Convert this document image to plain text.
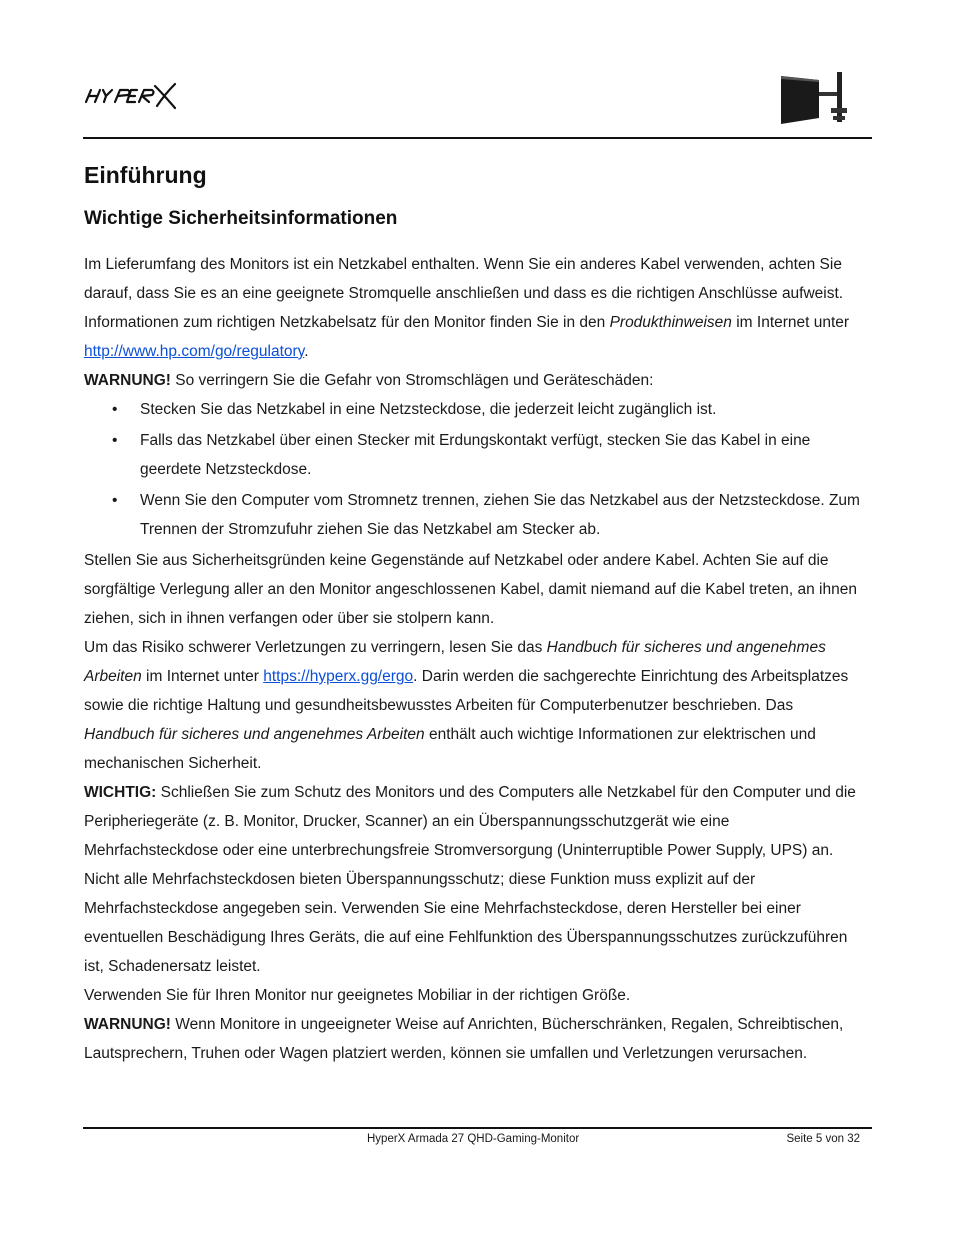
Einführung
Wichtige Sicherheitsinformationen

Im Lieferumfang des Monitors ist ein Netzkabel enthalten. Wenn Sie ein anderes Kabel verwenden, achten Sie darauf, dass Sie es an eine geeignete Stromquelle anschließen und dass es die richtigen Anschlüsse aufweist. Informationen zum richtigen Netzkabelsatz für den Monitor finden Sie in den Produkthinweisen im Internet unter http://www.hp.com/go/regulatory.

WARNUNG! So verringern Sie die Gefahr von Stromschlägen und Geräteschäden:

• Stecken Sie das Netzkabel in eine Netzsteckdose, die jederzeit leicht zugänglich ist.
• Falls das Netzkabel über einen Stecker mit Erdungskontakt verfügt, stecken Sie das Kabel in eine geerdete Netzsteckdose.
• Wenn Sie den Computer vom Stromnetz trennen, ziehen Sie das Netzkabel aus der Netzsteckdose. Zum Trennen der Stromzufuhr ziehen Sie das Netzkabel am Stecker ab.

Stellen Sie aus Sicherheitsgründen keine Gegenstände auf Netzkabel oder andere Kabel. Achten Sie auf die sorgfältige Verlegung aller an den Monitor angeschlossenen Kabel, damit niemand auf die Kabel treten, an ihnen ziehen, sich in ihnen verfangen oder über sie stolpern kann.

Um das Risiko schwerer Verletzungen zu verringern, lesen Sie das Handbuch für sicheres und angenehmes Arbeiten im Internet unter https://hyperx.gg/ergo. Darin werden die sachgerechte Einrichtung des Arbeitsplatzes sowie die richtige Haltung und gesundheitsbewusstes Arbeiten für Computerbenutzer beschrieben. Das Handbuch für sicheres und angenehmes Arbeiten enthält auch wichtige Informationen zur elektrischen und mechanischen Sicherheit.

WICHTIG: Schließen Sie zum Schutz des Monitors und des Computers alle Netzkabel für den Computer und die Peripheriegeräte (z. B. Monitor, Drucker, Scanner) an ein Überspannungsschutzgerät wie eine Mehrfachsteckdose oder eine unterbrechungsfreie Stromversorgung (Uninterruptible Power Supply, UPS) an. Nicht alle Mehrfachsteckdosen bieten Überspannungsschutz; diese Funktion muss explizit auf der Mehrfachsteckdose angegeben sein. Verwenden Sie eine Mehrfachsteckdose, deren Hersteller bei einer eventuellen Beschädigung Ihres Geräts, die auf eine Fehlfunktion des Überspannungsschutzes zurückzuführen ist, Schadenersatz leistet.

Verwenden Sie für Ihren Monitor nur geeignetes Mobiliar in der richtigen Größe.

WARNUNG! Wenn Monitore in ungeeigneter Weise auf Anrichten, Bücherschränken, Regalen, Schreibtischen, Lautsprechern, Truhen oder Wagen platziert werden, können sie umfallen und Verletzungen verursachen.

HyperX Armada 27 QHD-Gaming-Monitor	Seite 5 von 32
